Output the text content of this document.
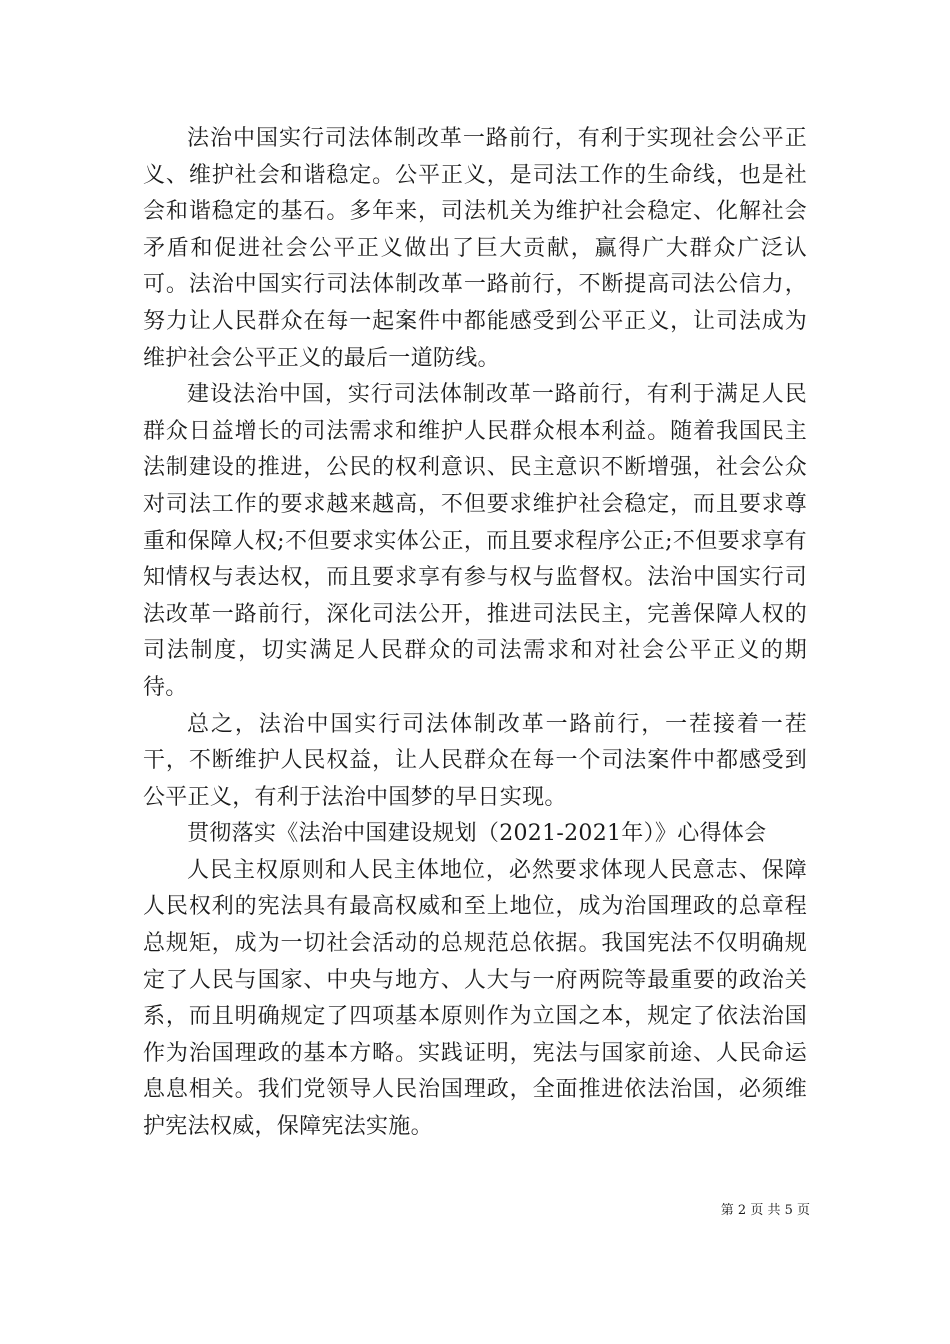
法治中国实行司法体制改革一路前行，有利于实现社会公平正义、维护社会和谐稳定。公平正义，是司法工作的生命线，也是社会和谐稳定的基石。多年来，司法机关为维护社会稳定、化解社会矛盾和促进社会公平正义做出了巨大贡献，赢得广大群众广泛认可。法治中国实行司法体制改革一路前行，不断提高司法公信力，努力让人民群众在每一起案件中都能感受到公平正义，让司法成为维护社会公平正义的最后一道防线。

建设法治中国，实行司法体制改革一路前行，有利于满足人民群众日益增长的司法需求和维护人民群众根本利益。随着我国民主法制建设的推进，公民的权利意识、民主意识不断增强，社会公众对司法工作的要求越来越高，不但要求维护社会稳定，而且要求尊重和保障人权;不但要求实体公正，而且要求程序公正;不但要求享有知情权与表达权，而且要求享有参与权与监督权。法治中国实行司法改革一路前行，深化司法公开，推进司法民主，完善保障人权的司法制度，切实满足人民群众的司法需求和对社会公平正义的期待。

总之，法治中国实行司法体制改革一路前行，一茬接着一茬干，不断维护人民权益，让人民群众在每一个司法案件中都感受到公平正义，有利于法治中国梦的早日实现。

贯彻落实《法治中国建设规划（2021-2021年）》心得体会

人民主权原则和人民主体地位，必然要求体现人民意志、保障人民权利的宪法具有最高权威和至上地位，成为治国理政的总章程总规矩，成为一切社会活动的总规范总依据。我国宪法不仅明确规定了人民与国家、中央与地方、人大与一府两院等最重要的政治关系，而且明确规定了四项基本原则作为立国之本，规定了依法治国作为治国理政的基本方略。实践证明，宪法与国家前途、人民命运息息相关。我们党领导人民治国理政，全面推进依法治国，必须维护宪法权威，保障宪法实施。

第 2 页 共 5 页
